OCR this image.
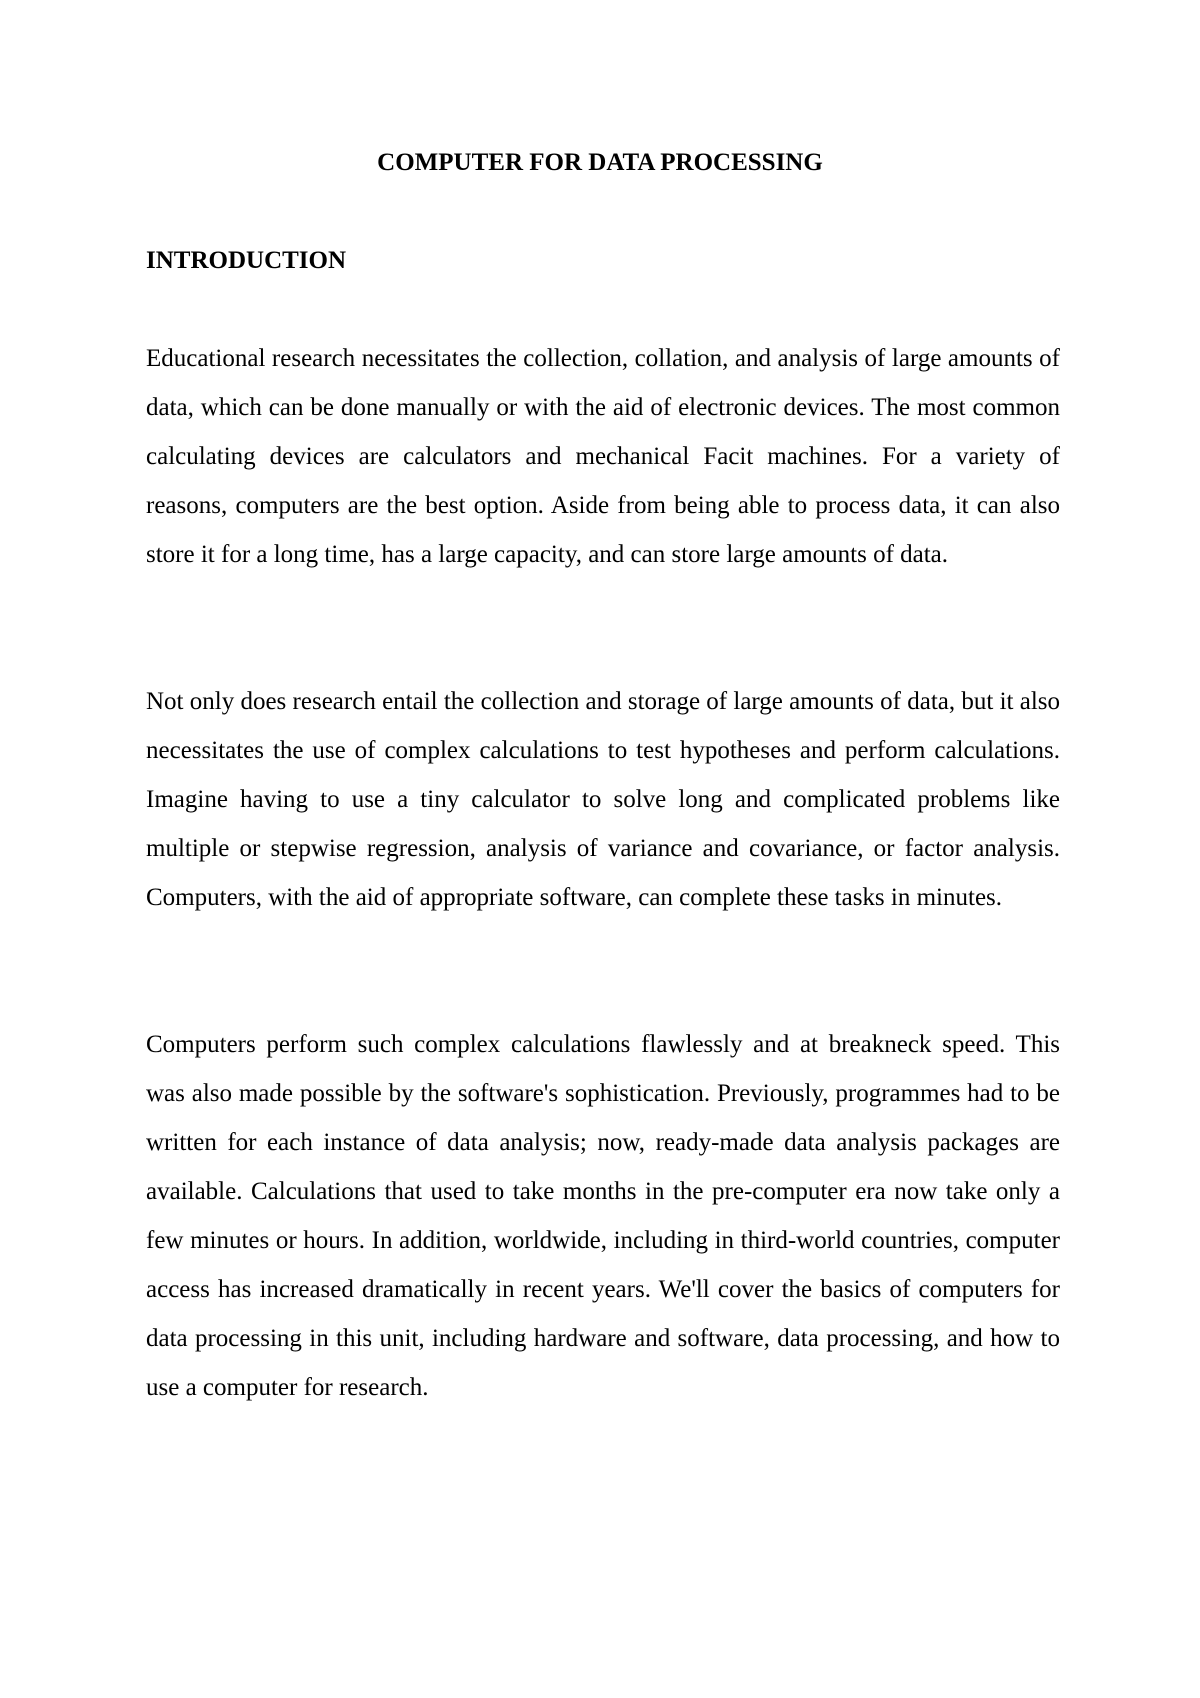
COMPUTER FOR DATA PROCESSING
INTRODUCTION

Educational research necessitates the collection, collation, and analysis of large amounts of data, which can be done manually or with the aid of electronic devices. The most common calculating devices are calculators and mechanical Facit machines. For a variety of reasons, computers are the best option. Aside from being able to process data, it can also store it for a long time, has a large capacity, and can store large amounts of data.

Not only does research entail the collection and storage of large amounts of data, but it also necessitates the use of complex calculations to test hypotheses and perform calculations. Imagine having to use a tiny calculator to solve long and complicated problems like multiple or stepwise regression, analysis of variance and covariance, or factor analysis. Computers, with the aid of appropriate software, can complete these tasks in minutes.

Computers perform such complex calculations flawlessly and at breakneck speed. This was also made possible by the software's sophistication. Previously, programmes had to be written for each instance of data analysis; now, ready-made data analysis packages are available. Calculations that used to take months in the pre-computer era now take only a few minutes or hours. In addition, worldwide, including in third-world countries, computer access has increased dramatically in recent years. We'll cover the basics of computers for data processing in this unit, including hardware and software, data processing, and how to use a computer for research.
